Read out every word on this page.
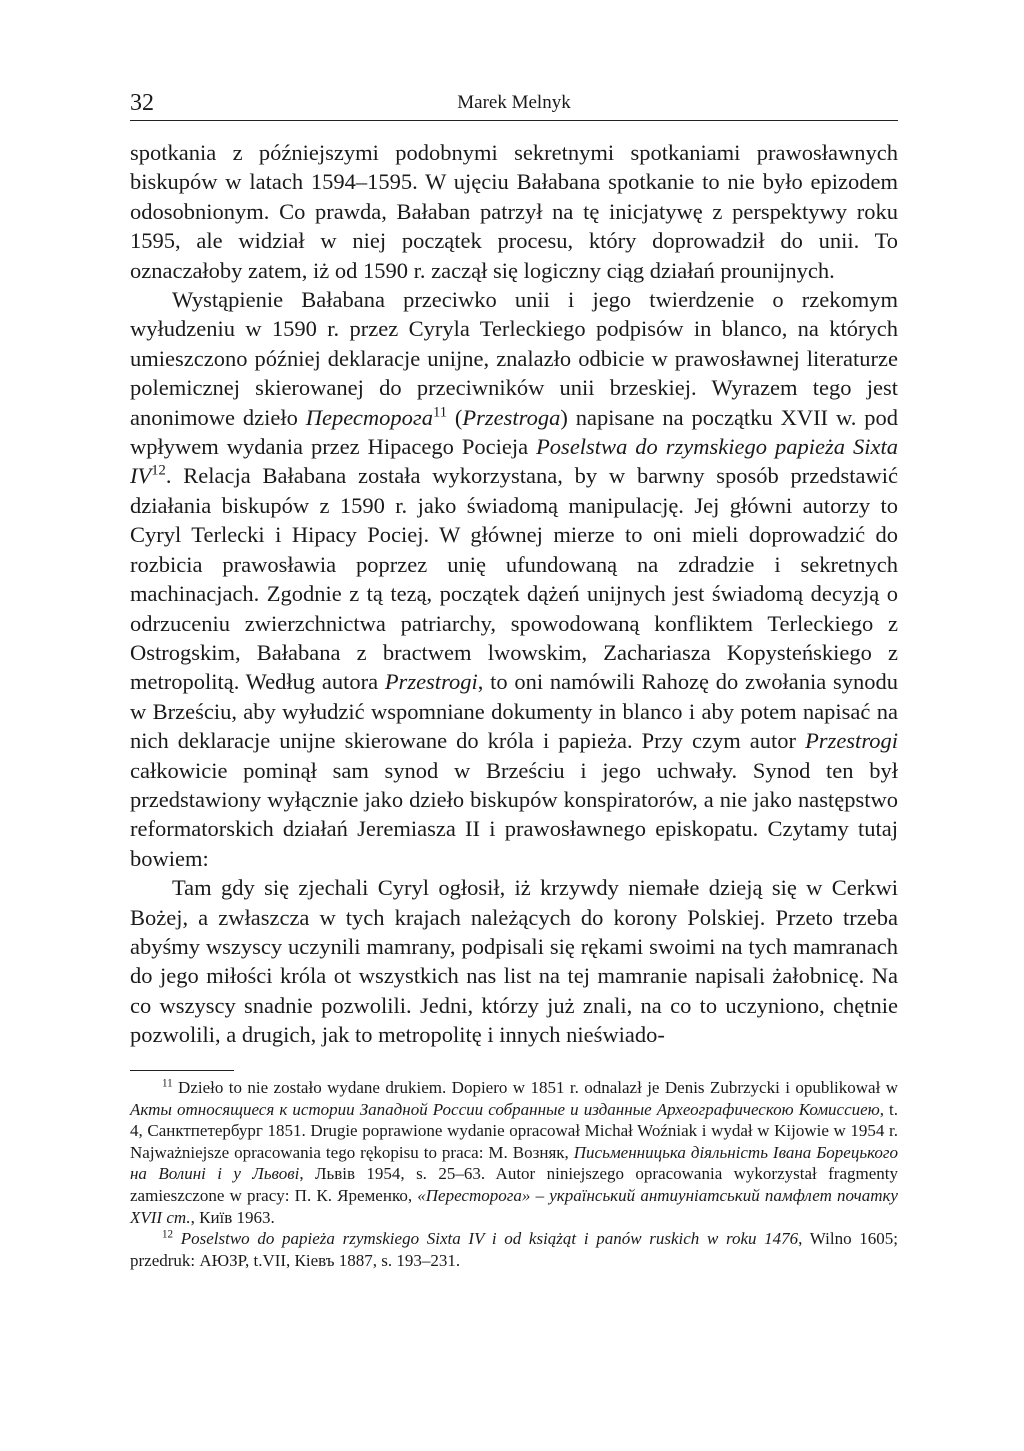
32	Marek Melnyk

spotkania z późniejszymi podobnymi sekretnymi spotkaniami prawosławnych biskupów w latach 1594–1595. W ujęciu Bałabana spotkanie to nie było epizodem odosobnionym. Co prawda, Bałaban patrzył na tę inicjatywę z perspektywy roku 1595, ale widział w niej początek procesu, który doprowadził do unii. To oznaczałoby zatem, iż od 1590 r. zaczął się logiczny ciąg działań prounijnych.

Wystąpienie Bałabana przeciwko unii i jego twierdzenie o rzekomym wyłudzeniu w 1590 r. przez Cyryla Terleckiego podpisów in blanco, na których umieszczono później deklaracje unijne, znalazło odbicie w prawosławnej literaturze polemicznej skierowanej do przeciwników unii brzeskiej. Wyrazem tego jest anonimowe dzieło Пересторогa$^{11}$ (Przestroga) napisane na początku XVII w. pod wpływem wydania przez Hipacego Pocieja Poselstwa do rzymskiego papieża Sixta IV$^{12}$. Relacja Bałabana została wykorzystana, by w barwny sposób przedstawić działania biskupów z 1590 r. jako świadomą manipulację. Jej główni autorzy to Cyryl Terlecki i Hipacy Pociej. W głównej mierze to oni mieli doprowadzić do rozbicia prawosławia poprzez unię ufundowaną na zdradzie i sekretnych machinacjach. Zgodnie z tą tezą, początek dążeń unijnych jest świadomą decyzją o odrzuceniu zwierzchnictwa patriarchy, spowodowaną konfliktem Terleckiego z Ostrogskim, Bałabana z bractwem lwowskim, Zachariasza Kopysteńskiego z metropolitą. Według autora Przestrogi, to oni namówili Rahozę do zwołania synodu w Brześciu, aby wyłudzić wspomniane dokumenty in blanco i aby potem napisać na nich deklaracje unijne skierowane do króla i papieża. Przy czym autor Przestrogi całkowicie pominął sam synod w Brześciu i jego uchwały. Synod ten był przedstawiony wyłącznie jako dzieło biskupów konspiratorów, a nie jako następstwo reformatorskich działań Jeremiasza II i prawosławnego episkopatu. Czytamy tutaj bowiem:

Tam gdy się zjechali Cyryl ogłosił, iż krzywdy niemałe dzieją się w Cerkwi Bożej, a zwłaszcza w tych krajach należących do korony Polskiej. Przeto trzeba abyśmy wszyscy uczynili mamrany, podpisali się rękami swoimi na tych mamranach do jego miłości króla ot wszystkich nas list na tej mamranie napisali żałobnicę. Na co wszyscy snadnie pozwolili. Jedni, którzy już znali, na co to uczyniono, chętnie pozwolili, a drugich, jak to metropolitę i innych nieświado-

$^{11}$ Dzieło to nie zostało wydane drukiem. Dopiero w 1851 r. odnalazł je Denis Zubrzycki i opublikował w Акты относящиеся к истории Западной России собранные и изданные Археографическою Комиссиею, t. 4, Санктпетербург 1851. Drugie poprawione wydanie opracował Michał Woźniak i wydał w Kijowie w 1954 r. Najważniejsze opracowania tego rękopisu to praca: М. Возняк, Письменницька діяльність Івана Борецького на Волині і у Львові, Львів 1954, s. 25–63. Autor niniejszego opracowania wykorzystał fragmenty zamieszczone w pracy: П. К. Яременко, «Пересторога» – український антиуніатський памфлет початку XVII ст., Київ 1963.

$^{12}$ Poselstwo do papieża rzymskiego Sixta IV i od książąt i panów ruskich w roku 1476, Wilno 1605; przedruk: АЮЗР, t.VII, Кiевъ 1887, s. 193–231.
